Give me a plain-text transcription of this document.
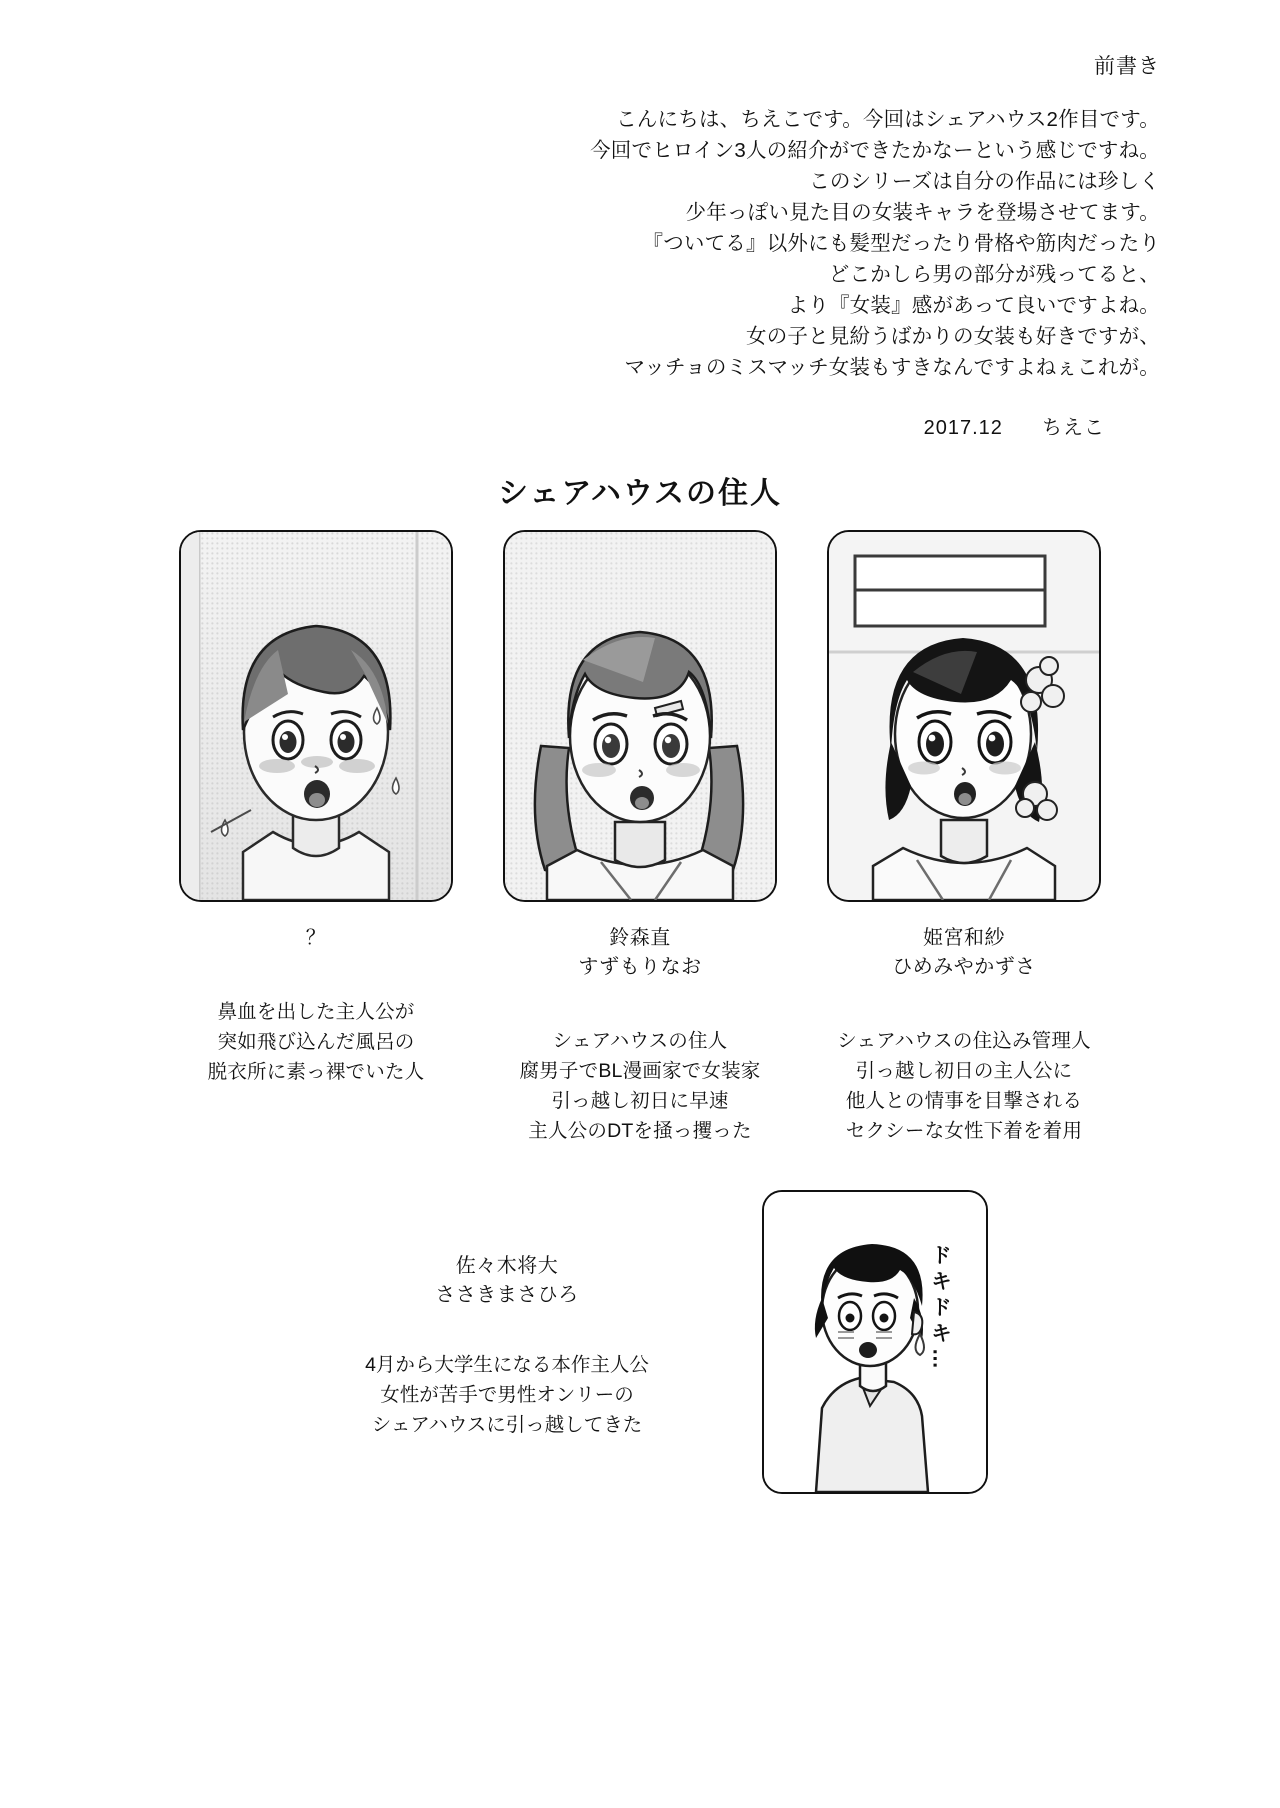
前書き

こんにちは、ちえこです。今回はシェアハウス2作目です。

今回でヒロイン3人の紹介ができたかなーという感じですね。

このシリーズは自分の作品には珍しく

少年っぽい見た目の女装キャラを登場させてます。

『ついてる』以外にも髪型だったり骨格や筋肉だったり

どこかしら男の部分が残ってると、

より『女装』感があって良いですよね。

女の子と見紛うばかりの女装も好きですが、

マッチョのミスマッチ女装もすきなんですよねぇこれが。

2017.12 ちえこ
シェアハウスの住人
？
鼻血を出した主人公が
突如飛び込んだ風呂の
脱衣所に素っ裸でいた人
鈴森直
すずもりなお
シェアハウスの住人
腐男子でBL漫画家で女装家
引っ越し初日に早速
主人公のDTを掻っ攫った
姫宮和紗
ひめみやかずさ
シェアハウスの住込み管理人
引っ越し初日の主人公に
他人との情事を目撃される
セクシーな女性下着を着用
佐々木将大
ささきまさひろ
4月から大学生になる本作主人公
女性が苦手で男性オンリーの
シェアハウスに引っ越してきた
ドキドキ…
